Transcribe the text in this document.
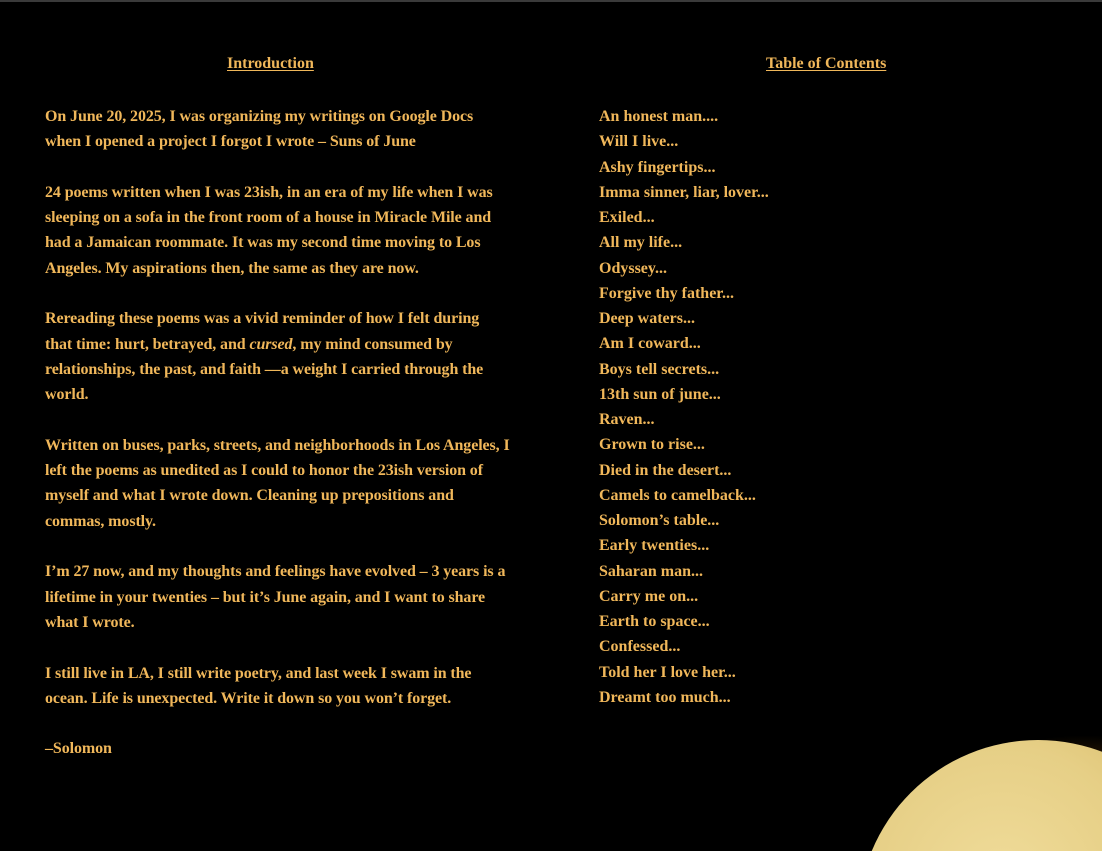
Introduction

On June 20, 2025, I was organizing my writings on Google Docs when I opened a project I forgot I wrote – Suns of June

24 poems written when I was 23ish, in an era of my life when I was sleeping on a sofa in the front room of a house in Miracle Mile and had a Jamaican roommate. It was my second time moving to Los Angeles. My aspirations then, the same as they are now.

Rereading these poems was a vivid reminder of how I felt during that time: hurt, betrayed, and cursed, my mind consumed by relationships, the past, and faith —a weight I carried through the world.

Written on buses, parks, streets, and neighborhoods in Los Angeles, I left the poems as unedited as I could to honor the 23ish version of myself and what I wrote down. Cleaning up prepositions and commas, mostly.

I’m 27 now, and my thoughts and feelings have evolved – 3 years is a lifetime in your twenties – but it’s June again, and I want to share what I wrote.

I still live in LA, I still write poetry, and last week I swam in the ocean. Life is unexpected. Write it down so you won’t forget.

–Solomon

Table of Contents
An honest man....
Will I live...
Ashy fingertips...
Imma sinner, liar, lover...
Exiled...
All my life...
Odyssey...
Forgive thy father...
Deep waters...
Am I coward...
Boys tell secrets...
13th sun of june...
Raven...
Grown to rise...
Died in the desert...
Camels to camelback...
Solomon’s table...
Early twenties...
Saharan man...
Carry me on...
Earth to space...
Confessed...
Told her I love her...
Dreamt too much...
